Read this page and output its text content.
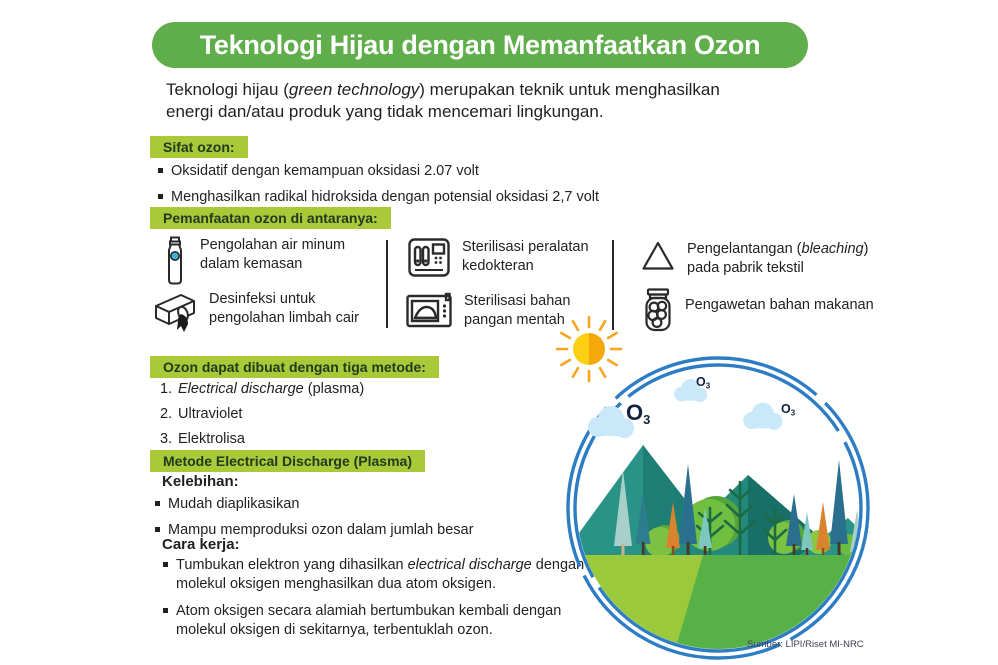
Teknologi Hijau dengan Memanfaatkan Ozon
Teknologi hijau (green technology) merupakan teknik untuk menghasilkan energi dan/atau produk yang tidak mencemari lingkungan.
Sifat ozon:
Oksidatif dengan kemampuan oksidasi 2.07 volt
Menghasilkan radikal hidroksida dengan potensial oksidasi 2,7 volt
Pemanfaatan ozon di antaranya:
Pengolahan air minum dalam kemasan
Desinfeksi untuk pengolahan limbah cair
Sterilisasi peralatan kedokteran
Sterilisasi bahan pangan mentah
Pengelantangan (bleaching) pada pabrik tekstil
Pengawetan bahan makanan
Ozon dapat dibuat dengan tiga metode:
1. Electrical discharge (plasma)
2. Ultraviolet
3. Elektrolisa
Metode Electrical Discharge (Plasma)
Kelebihan:
Mudah diaplikasikan
Mampu memproduksi ozon dalam jumlah besar
Cara kerja:
Tumbukan elektron yang dihasilkan electrical discharge dengan molekul oksigen menghasilkan dua atom oksigen.
Atom oksigen secara alamiah bertumbukan kembali dengan molekul oksigen di sekitarnya, terbentuklah ozon.
O3
$O_3$
$O_3$
Sumber: LIPI/Riset MI-NRC
